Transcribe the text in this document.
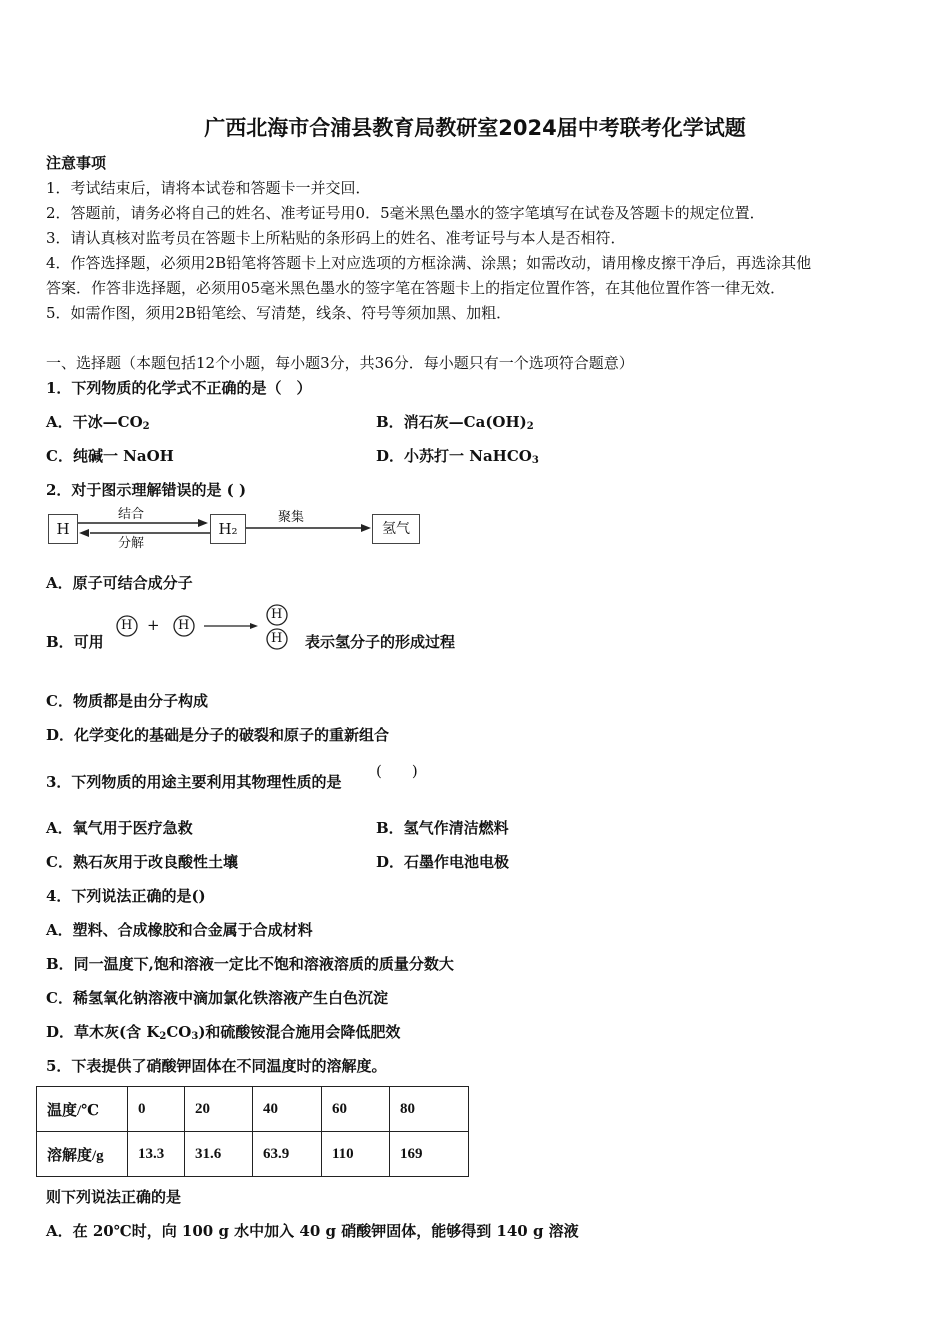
广西北海市合浦县教育局教研室2024届中考联考化学试题
注意事项
1．考试结束后，请将本试卷和答题卡一并交回．
2．答题前，请务必将自己的姓名、准考证号用0．5毫米黑色墨水的签字笔填写在试卷及答题卡的规定位置．
3．请认真核对监考员在答题卡上所粘贴的条形码上的姓名、准考证号与本人是否相符．
4．作答选择题，必须用2B铅笔将答题卡上对应选项的方框涂满、涂黑；如需改动，请用橡皮擦干净后，再选涂其他
答案．作答非选择题，必须用05毫米黑色墨水的签字笔在答题卡上的指定位置作答，在其他位置作答一律无效．
5．如需作图，须用2B铅笔绘、写清楚，线条、符号等须加黑、加粗．
一、选择题（本题包括12个小题，每小题3分，共36分．每小题只有一个选项符合题意）
1．下列物质的化学式不正确的是（　）
A．干冰$—CO_2$	B．消石灰$—Ca(OH)_2$
C．纯碱一 NaOH	D．小苏打一 NaHCO$_3$
2．对于图示理解错误的是 ( )
H	H₂	氢气
结合
分解
聚集
A．原子可结合成分子
B．可用
H + H
H
H 表示氢分子的形成过程
C．物质都是由分子构成
D．化学变化的基础是分子的破裂和原子的重新组合
3．下列物质的用途主要利用其物理性质的是
(　　)
A．氧气用于医疗急救	B．氢气作清洁燃料
C．熟石灰用于改良酸性土壤	D．石墨作电池电极
4．下列说法正确的是()
A．塑料、合成橡胶和合金属于合成材料
B．同一温度下,饱和溶液一定比不饱和溶液溶质的质量分数大
C．稀氢氧化钠溶液中滴加氯化铁溶液产生白色沉淀
D．草木灰(含 $K_2CO_3$)和硫酸铵混合施用会降低肥效
5．下表提供了硝酸钾固体在不同温度时的溶解度。
温度/℃	0	20	40	60	80
溶解度/g	13.3	31.6	63.9	110	169
则下列说法正确的是
A．在 20℃时，向 100 g 水中加入 40 g 硝酸钾固体，能够得到 140 g 溶液
